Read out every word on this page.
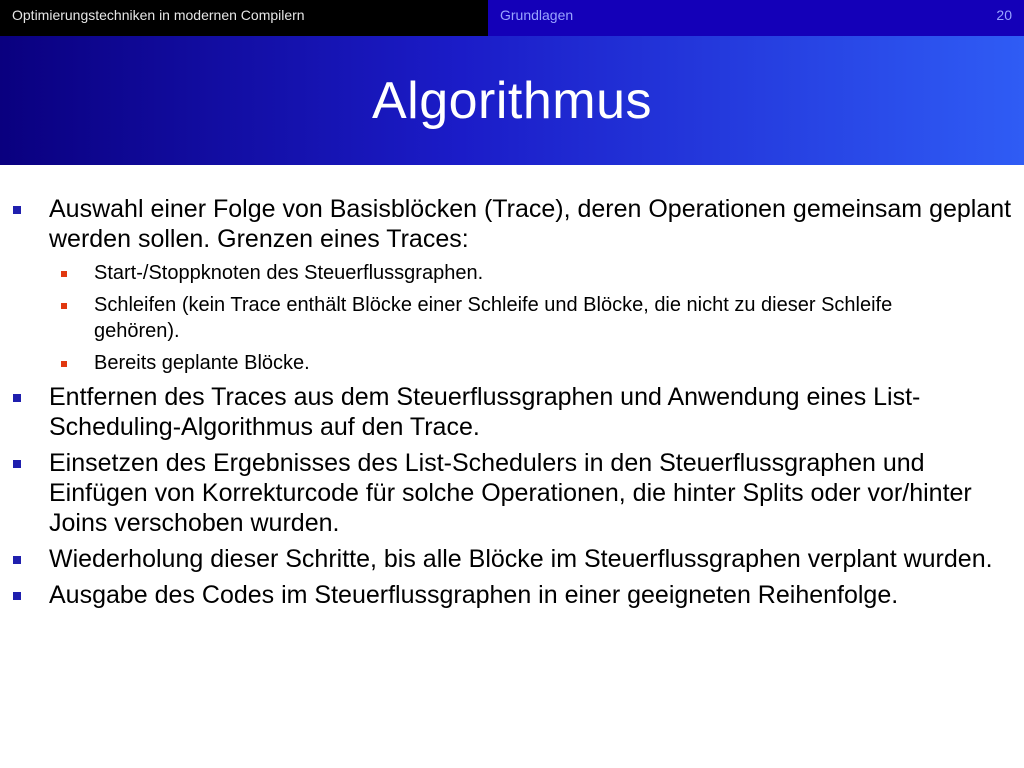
Optimierungstechniken in modernen Compilern	Grundlagen	20
Algorithmus
Auswahl einer Folge von Basisblöcken (Trace), deren Operationen gemeinsam geplant werden sollen. Grenzen eines Traces:
Start-/Stoppknoten des Steuerflussgraphen.
Schleifen (kein Trace enthält Blöcke einer Schleife und Blöcke, die nicht zu dieser Schleife gehören).
Bereits geplante Blöcke.
Entfernen des Traces aus dem Steuerflussgraphen und Anwendung eines List-Scheduling-Algorithmus auf den Trace.
Einsetzen des Ergebnisses des List-Schedulers in den Steuerflussgraphen und Einfügen von Korrekturcode für solche Operationen, die hinter Splits oder vor/hinter Joins verschoben wurden.
Wiederholung dieser Schritte, bis alle Blöcke im Steuerflussgraphen verplant wurden.
Ausgabe des Codes im Steuerflussgraphen in einer geeigneten Reihenfolge.
